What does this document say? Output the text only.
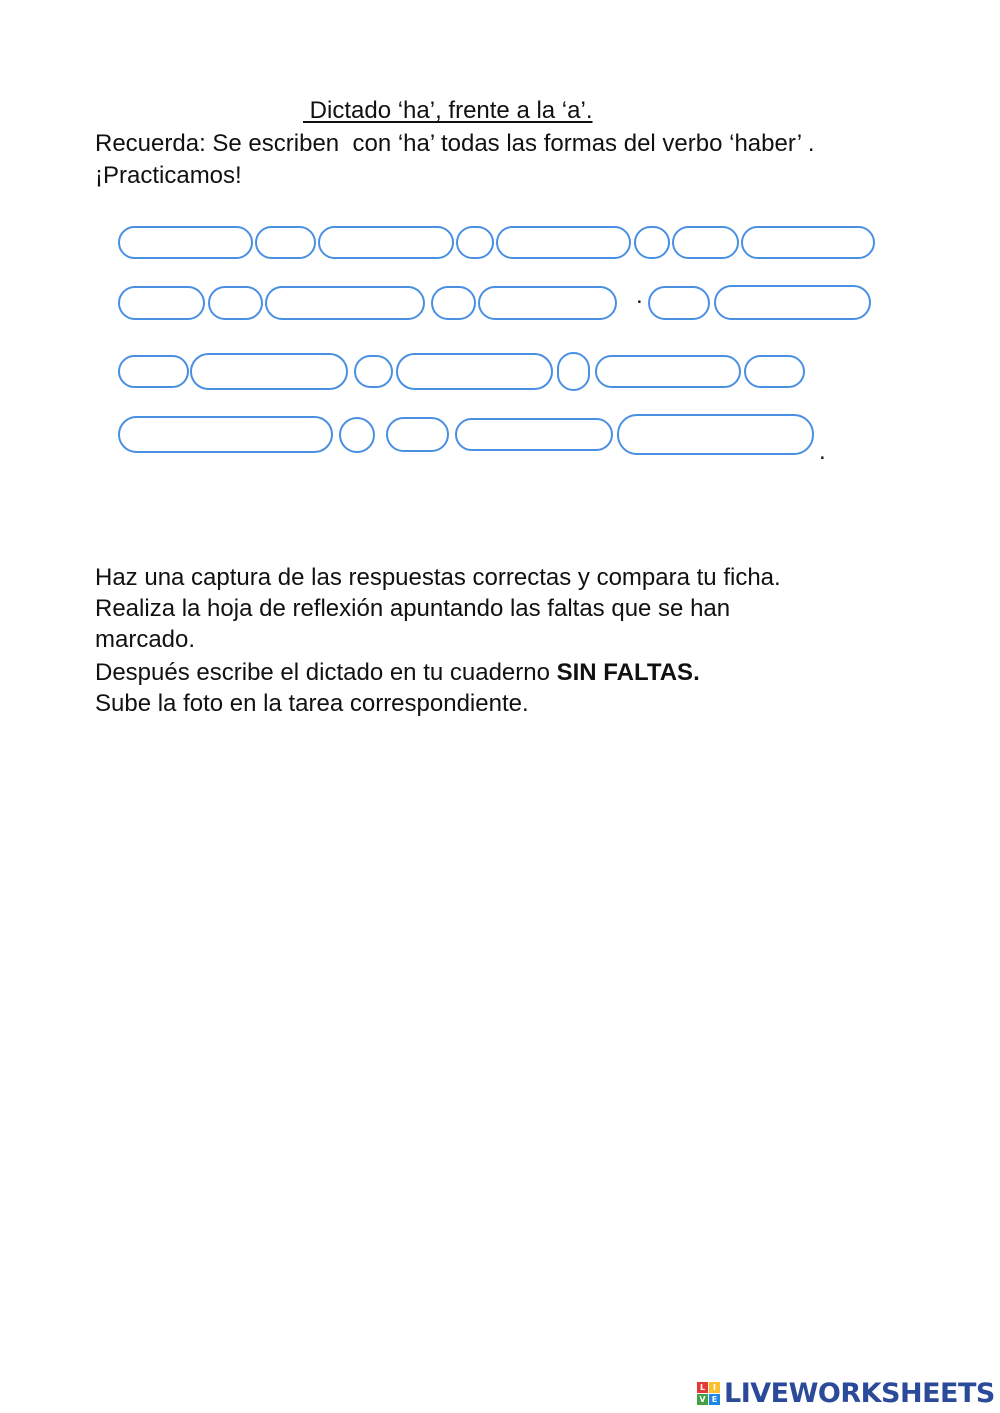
Dictado ‘ha’, frente a la ‘a’.
Recuerda: Se escriben  con ‘ha’ todas las formas del verbo ‘haber’ .
¡Practicamos!
.
.
Haz una captura de las respuestas correctas y compara tu ficha.
Realiza la hoja de reflexión apuntando las faltas que se han
marcado.
Después escribe el dictado en tu cuaderno SIN FALTAS.
Sube la foto en la tarea correspondiente.
L I
V E LIVEWORKSHEETS
